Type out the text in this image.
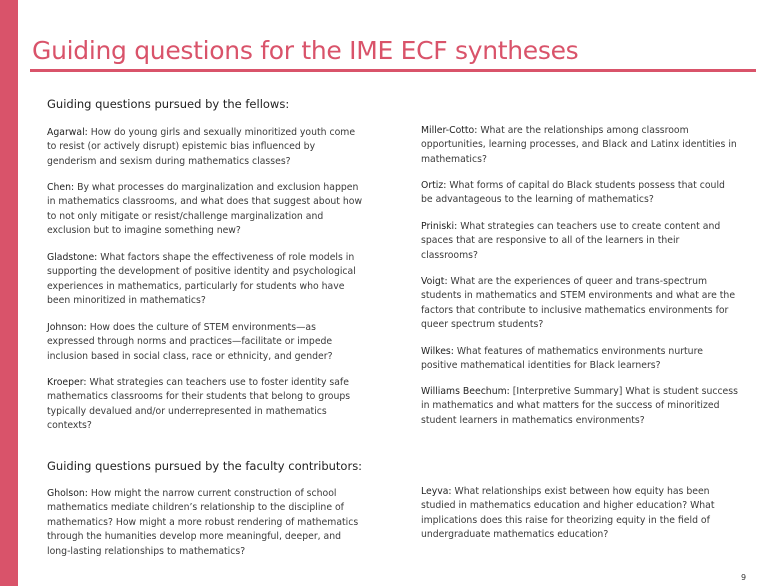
Guiding questions for the IME ECF syntheses
Guiding questions pursued by the fellows:

Agarwal: How do young girls and sexually minoritized youth come to resist (or actively disrupt) epistemic bias influenced by genderism and sexism during mathematics classes?

Chen: By what processes do marginalization and exclusion happen in mathematics classrooms, and what does that suggest about how to not only mitigate or resist/challenge marginalization and exclusion but to imagine something new?

Gladstone: What factors shape the effectiveness of role models in supporting the development of positive identity and psychological experiences in mathematics, particularly for students who have been minoritized in mathematics?

Johnson: How does the culture of STEM environments—as expressed through norms and practices—facilitate or impede inclusion based in social class, race or ethnicity, and gender?

Kroeper: What strategies can teachers use to foster identity safe mathematics classrooms for their students that belong to groups typically devalued and/or underrepresented in mathematics contexts?

Miller-Cotto: What are the relationships among classroom opportunities, learning processes, and Black and Latinx identities in mathematics?

Ortiz: What forms of capital do Black students possess that could be advantageous to the learning of mathematics?

Priniski: What strategies can teachers use to create content and spaces that are responsive to all of the learners in their classrooms?

Voigt: What are the experiences of queer and trans-spectrum students in mathematics and STEM environments and what are the factors that contribute to inclusive mathematics environments for queer spectrum students?

Wilkes: What features of mathematics environments nurture positive mathematical identities for Black learners?

Williams Beechum: [Interpretive Summary] What is student success in mathematics and what matters for the success of minoritized student learners in mathematics environments?

Guiding questions pursued by the faculty contributors:

Gholson: How might the narrow current construction of school mathematics mediate children’s relationship to the discipline of mathematics? How might a more robust rendering of mathematics through the humanities develop more meaningful, deeper, and long-lasting relationships to mathematics?

Leyva: What relationships exist between how equity has been studied in mathematics education and higher education? What implications does this raise for theorizing equity in the field of undergraduate mathematics education?

9
